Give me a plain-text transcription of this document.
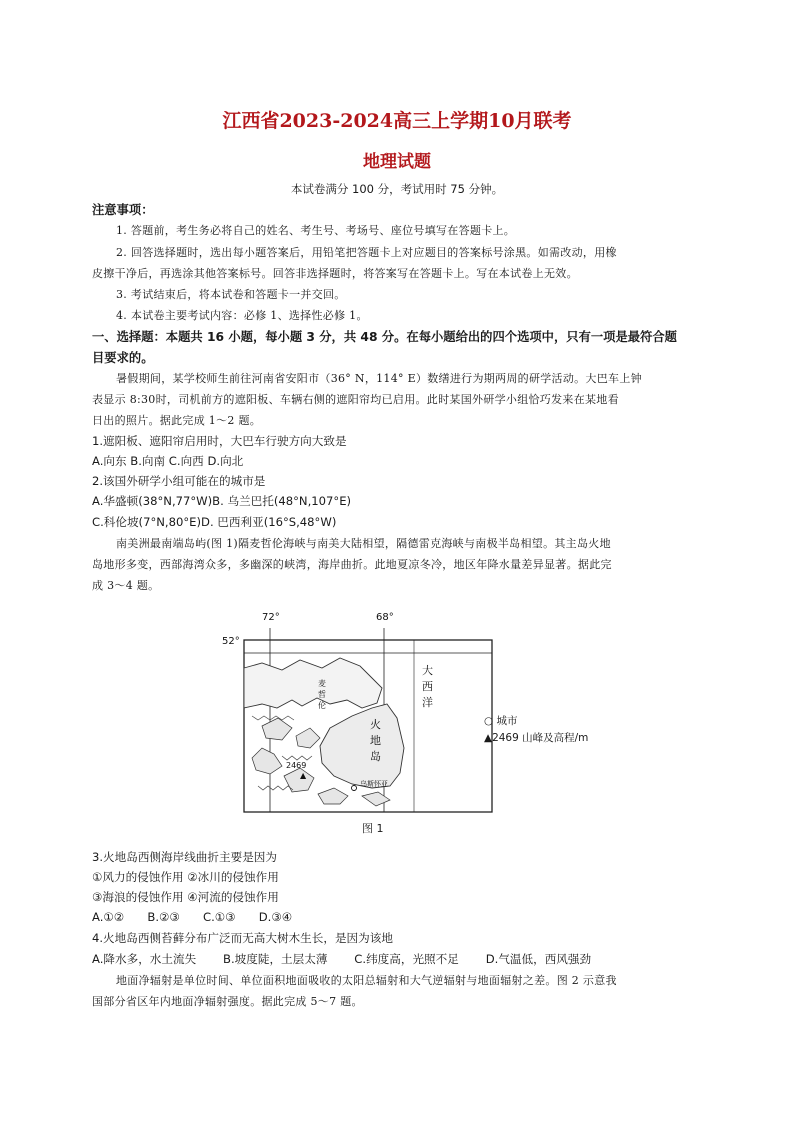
江西省2023-2024高三上学期10月联考
地理试题
本试卷满分 100 分，考试用时 75 分钟。
注意事项：
1. 答题前，考生务必将自己的姓名、考生号、考场号、座位号填写在答题卡上。
2. 回答选择题时，选出每小题答案后，用铅笔把答题卡上对应题目的答案标号涂黑。如需改动，用橡
皮擦干净后，再选涂其他答案标号。回答非选择题时，将答案写在答题卡上。写在本试卷上无效。
3. 考试结束后，将本试卷和答题卡一并交回。
4. 本试卷主要考试内容：必修 1、选择性必修 1。
一、选择题：本题共 16 小题，每小题 3 分，共 48 分。在每小题给出的四个选项中，只有一项是最符合题
目要求的。
暑假期间，某学校师生前往河南省安阳市（36° N，114° E）数缮进行为期两周的研学活动。大巴车上钟
表显示 8:30时，司机前方的遮阳板、车辆右侧的遮阳帘均已启用。此时某国外研学小组恰巧发来在某地看
日出的照片。据此完成 1～2 题。
1.遮阳板、遮阳帘启用时，大巴车行驶方向大致是
A.向东 B.向南 C.向西 D.向北
2.该国外研学小组可能在的城市是
A.华盛顿(38°N,77°W)B. 乌兰巴托(48°N,107°E)
C.科伦坡(7°N,80°E)D. 巴西利亚(16°S,48°W)
南美洲最南端岛屿(图 1)隔麦哲伦海峡与南美大陆相望，隔德雷克海峡与南极半岛相望。其主岛火地
岛地形多变，西部海湾众多，多幽深的峡湾，海岸曲折。此地夏凉冬冷，地区年降水量差异显著。据此完
成 3～4 题。
▲
2469
乌斯怀亚
72°	68°
52°
大
西
洋
火
地
岛
麦
哲
伦
○ 城市
▲2469 山峰及高程/m
图 1
3.火地岛西侧海岸线曲折主要是因为
①风力的侵蚀作用 ②冰川的侵蚀作用
③海浪的侵蚀作用 ④河流的侵蚀作用
A.①②　　B.②③　　C.①③　　D.③④
4.火地岛西侧苔藓分布广泛而无高大树木生长，是因为该地
A.降水多，水土流失　　 B.坡度陡，土层太薄　　 C.纬度高，光照不足　　 D.气温低，西风强劲
地面净辐射是单位时间、单位面积地面吸收的太阳总辐射和大气逆辐射与地面辐射之差。图 2 示意我
国部分省区年内地面净辐射强度。据此完成 5～7 题。
